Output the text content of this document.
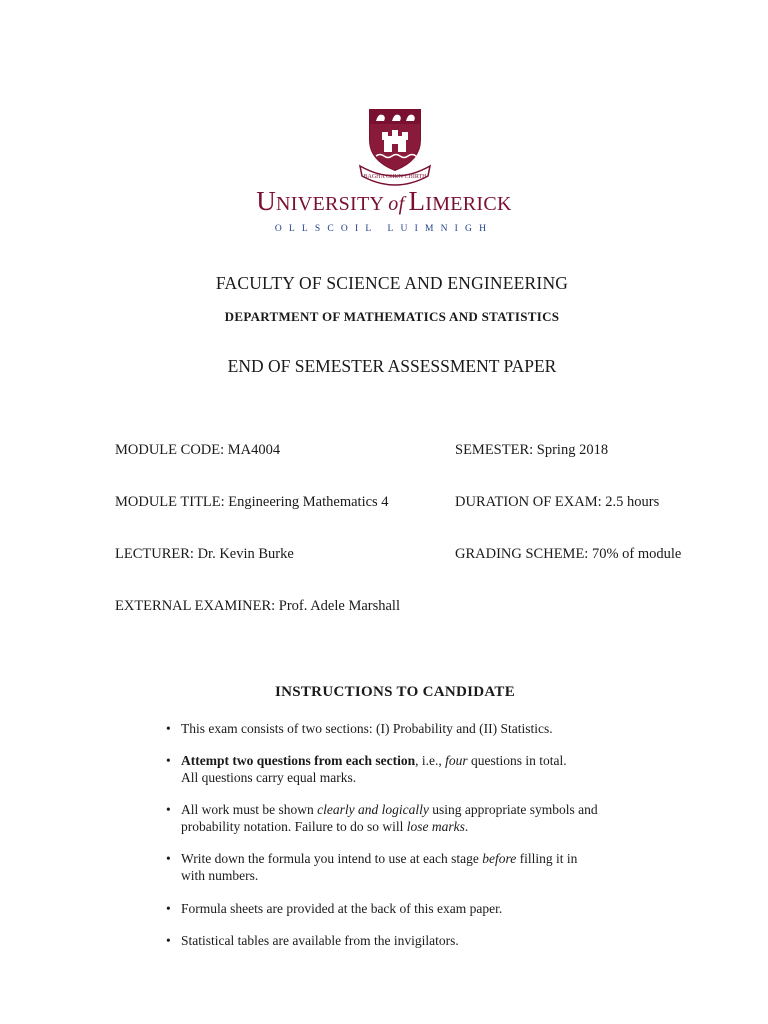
BAGHA CHUN CHIRTH
UNIVERSITY of LIMERICK
OLLSCOIL LUIMNIGH
FACULTY OF SCIENCE AND ENGINEERING
DEPARTMENT OF MATHEMATICS AND STATISTICS
END OF SEMESTER ASSESSMENT PAPER
MODULE CODE: MA4004	SEMESTER: Spring 2018
MODULE TITLE: Engineering Mathematics 4	DURATION OF EXAM: 2.5 hours
LECTURER: Dr. Kevin Burke	GRADING SCHEME: 70% of module
EXTERNAL EXAMINER: Prof. Adele Marshall
INSTRUCTIONS TO CANDIDATE
• This exam consists of two sections: (I) Probability and (II) Statistics.
• Attempt two questions from each section, i.e., four questions in total.
All questions carry equal marks.
• All work must be shown clearly and logically using appropriate symbols and
probability notation. Failure to do so will lose marks.
• Write down the formula you intend to use at each stage before filling it in
with numbers.
• Formula sheets are provided at the back of this exam paper.
• Statistical tables are available from the invigilators.
